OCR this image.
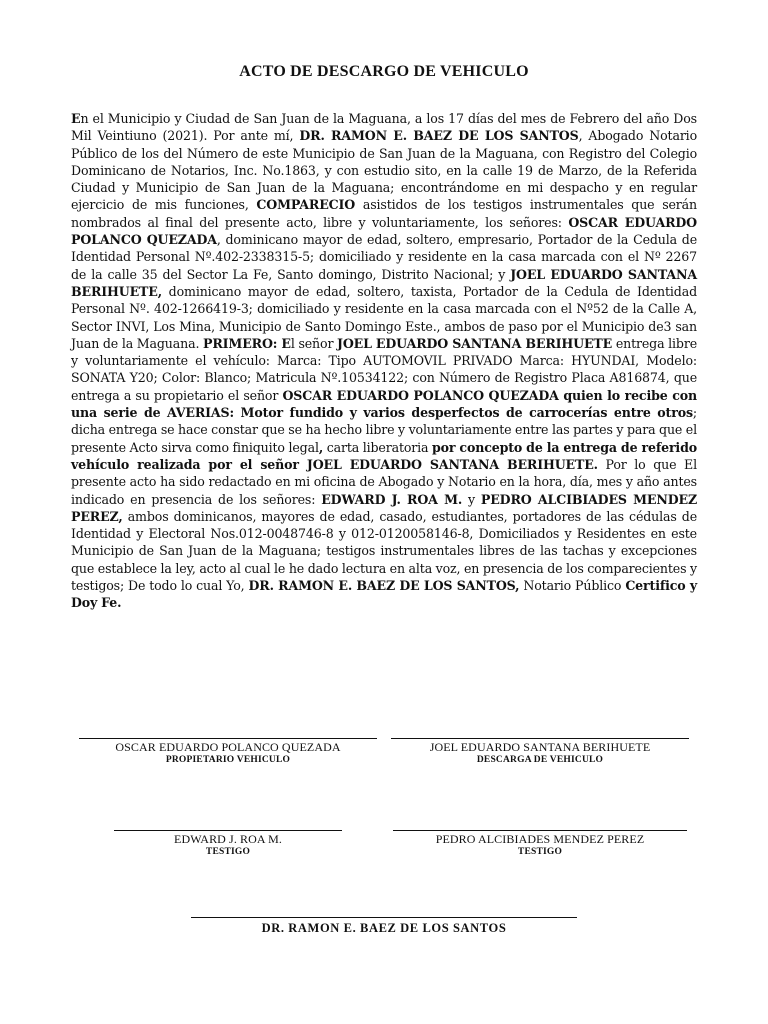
ACTO DE DESCARGO DE VEHICULO
En el Municipio y Ciudad de San Juan de la Maguana, a los 17 días del mes de Febrero del año Dos Mil Veintiuno (2021). Por ante mí, DR. RAMON E. BAEZ DE LOS SANTOS, Abogado Notario Público de los del Número de este Municipio de San Juan de la Maguana, con Registro del Colegio Dominicano de Notarios, Inc. No.1863, y con estudio sito, en la calle 19 de Marzo, de la Referida Ciudad y Municipio de San Juan de la Maguana; encontrándome en mi despacho y en regular ejercicio de mis funciones, COMPARECIO asistidos de los testigos instrumentales que serán nombrados al final del presente acto, libre y voluntariamente, los señores: OSCAR EDUARDO POLANCO QUEZADA, dominicano mayor de edad, soltero, empresario, Portador de la Cedula de Identidad Personal Nº.402-2338315-5; domiciliado y residente en la casa marcada con el Nº 2267 de la calle 35 del Sector La Fe, Santo domingo, Distrito Nacional; y JOEL EDUARDO SANTANA BERIHUETE, dominicano mayor de edad, soltero, taxista, Portador de la Cedula de Identidad Personal Nº. 402-1266419-3; domiciliado y residente en la casa marcada con el Nº52 de la Calle A, Sector INVI, Los Mina, Municipio de Santo Domingo Este., ambos de paso por el Municipio de3 san Juan de la Maguana. PRIMERO: El señor JOEL EDUARDO SANTANA BERIHUETE entrega libre y voluntariamente el vehículo: Marca: Tipo AUTOMOVIL PRIVADO Marca: HYUNDAI, Modelo: SONATA Y20; Color: Blanco; Matricula Nº.10534122; con Número de Registro Placa A816874, que entrega a su propietario el señor OSCAR EDUARDO POLANCO QUEZADA quien lo recibe con una serie de AVERIAS: Motor fundido y varios desperfectos de carrocerías entre otros; dicha entrega se hace constar que se ha hecho libre y voluntariamente entre las partes y para que el presente Acto sirva como finiquito legal, carta liberatoria por concepto de la entrega de referido vehículo realizada por el señor JOEL EDUARDO SANTANA BERIHUETE. Por lo que El presente acto ha sido redactado en mi oficina de Abogado y Notario en la hora, día, mes y año antes indicado en presencia de los señores: EDWARD J. ROA M. y PEDRO ALCIBIADES MENDEZ PEREZ, ambos dominicanos, mayores de edad, casado, estudiantes, portadores de las cédulas de Identidad y Electoral Nos.012-0048746-8 y 012-0120058146-8, Domiciliados y Residentes en este Municipio de San Juan de la Maguana; testigos instrumentales libres de las tachas y excepciones que establece la ley, acto al cual le he dado lectura en alta voz, en presencia de los comparecientes y testigos; De todo lo cual Yo, DR. RAMON E. BAEZ DE LOS SANTOS, Notario Público Certifico y Doy Fe.
OSCAR EDUARDO POLANCO QUEZADA
PROPIETARIO VEHICULO
JOEL EDUARDO SANTANA BERIHUETE
DESCARGA DE VEHICULO
EDWARD J. ROA M.
TESTIGO
PEDRO ALCIBIADES MENDEZ PEREZ
TESTIGO
DR. RAMON E. BAEZ DE LOS SANTOS
